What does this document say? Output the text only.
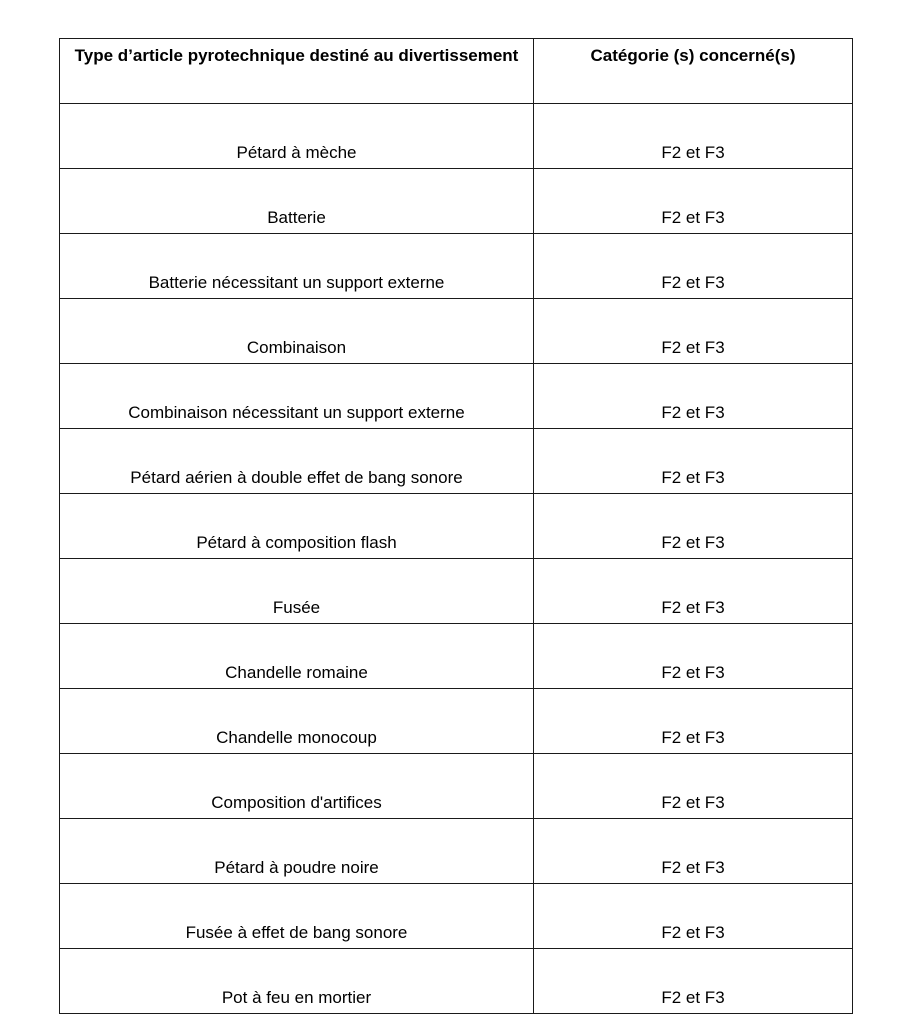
Type d’article pyrotechnique destiné au divertissement	Catégorie (s) concerné(s)
Pétard à mèche	F2 et F3
Batterie	F2 et F3
Batterie nécessitant un support externe	F2 et F3
Combinaison	F2 et F3
Combinaison nécessitant un support externe	F2 et F3
Pétard aérien à double effet de bang sonore	F2 et F3
Pétard à composition flash	F2 et F3
Fusée	F2 et F3
Chandelle romaine	F2 et F3
Chandelle monocoup	F2 et F3
Composition d'artifices	F2 et F3
Pétard à poudre noire	F2 et F3
Fusée à effet de bang sonore	F2 et F3
Pot à feu en mortier	F2 et F3
